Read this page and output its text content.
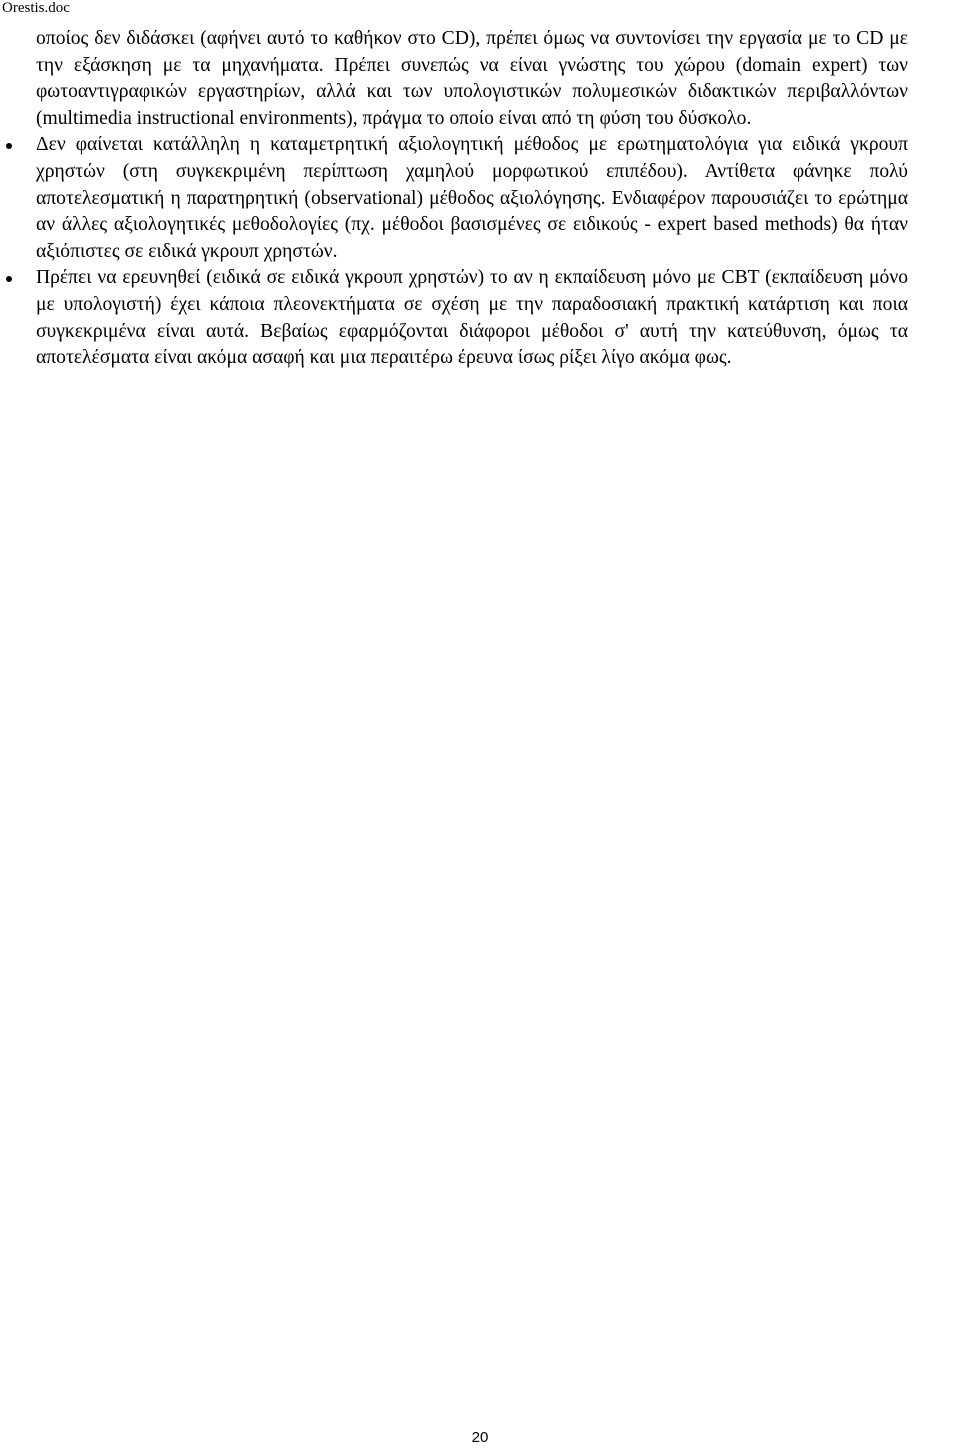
Orestis.doc

οποίος δεν διδάσκει (αφήνει αυτό το καθήκον στο CD), πρέπει όμως να συντονίσει την εργασία με το CD με την εξάσκηση με τα μηχανήματα. Πρέπει συνεπώς να είναι γνώστης του χώρου (domain expert) των φωτοαντιγραφικών εργαστηρίων, αλλά και των υπολογιστικών πολυμεσικών διδακτικών περιβαλλόντων (multimedia instructional environments), πράγμα το οποίο είναι από τη φύση του δύσκολο.

Δεν φαίνεται κατάλληλη η καταμετρητική αξιολογητική μέθοδος με ερωτηματολόγια για ειδικά γκρουπ χρηστών (στη συγκεκριμένη περίπτωση χαμηλού μορφωτικού επιπέδου). Αντίθετα φάνηκε πολύ αποτελεσματική η παρατηρητική (observational) μέθοδος αξιολόγησης. Ενδιαφέρον παρουσιάζει το ερώτημα αν άλλες αξιολογητικές μεθοδολογίες (πχ. μέθοδοι βασισμένες σε ειδικούς - expert based methods) θα ήταν αξιόπιστες σε ειδικά γκρουπ χρηστών.
Πρέπει να ερευνηθεί (ειδικά σε ειδικά γκρουπ χρηστών) το αν η εκπαίδευση μόνο με CBT (εκπαίδευση μόνο με υπολογιστή) έχει κάποια πλεονεκτήματα σε σχέση με την παραδοσιακή πρακτική κατάρτιση και ποια συγκεκριμένα είναι αυτά. Βεβαίως εφαρμόζονται διάφοροι μέθοδοι σ' αυτή την κατεύθυνση, όμως τα αποτελέσματα είναι ακόμα ασαφή και μια περαιτέρω έρευνα ίσως ρίξει λίγο ακόμα φως.
20
